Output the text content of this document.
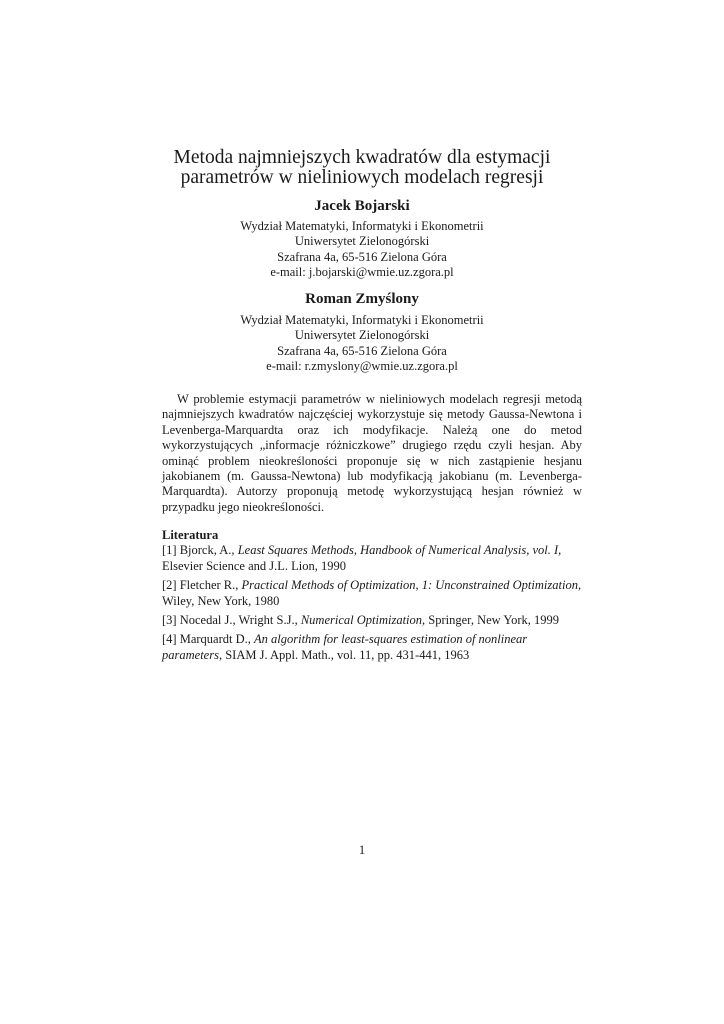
Metoda najmniejszych kwadratów dla estymacji
parametrów w nieliniowych modelach regresji
Jacek Bojarski
Wydział Matematyki, Informatyki i Ekonometrii
Uniwersytet Zielonogórski
Szafrana 4a, 65-516 Zielona Góra
e-mail: j.bojarski@wmie.uz.zgora.pl
Roman Zmyślony
Wydział Matematyki, Informatyki i Ekonometrii
Uniwersytet Zielonogórski
Szafrana 4a, 65-516 Zielona Góra
e-mail: r.zmyslony@wmie.uz.zgora.pl

W problemie estymacji parametrów w nieliniowych modelach regresji metodą najmniejszych kwadratów najczęściej wykorzystuje się metody Gaussa-Newtona i Levenberga-Marquardta oraz ich modyfikacje. Należą one do metod wykorzystujących „informacje różniczkowe” drugiego rzędu czyli hesjan. Aby ominąć problem nieokreśloności proponuje się w nich zastąpienie hesjanu jakobianem (m. Gaussa-Newtona) lub modyfikacją jakobianu (m. Levenberga-Marquardta). Autorzy proponują metodę wykorzystującą hesjan również w przypadku jego nieokreśloności.

Literatura

[1] Bjorck, A., Least Squares Methods, Handbook of Numerical Analysis, vol. I, Elsevier Science and J.L. Lion, 1990

[2] Fletcher R., Practical Methods of Optimization, 1: Unconstrained Optimization, Wiley, New York, 1980

[3] Nocedal J., Wright S.J., Numerical Optimization, Springer, New York, 1999

[4] Marquardt D., An algorithm for least-squares estimation of nonlinear parameters, SIAM J. Appl. Math., vol. 11, pp. 431-441, 1963

1
